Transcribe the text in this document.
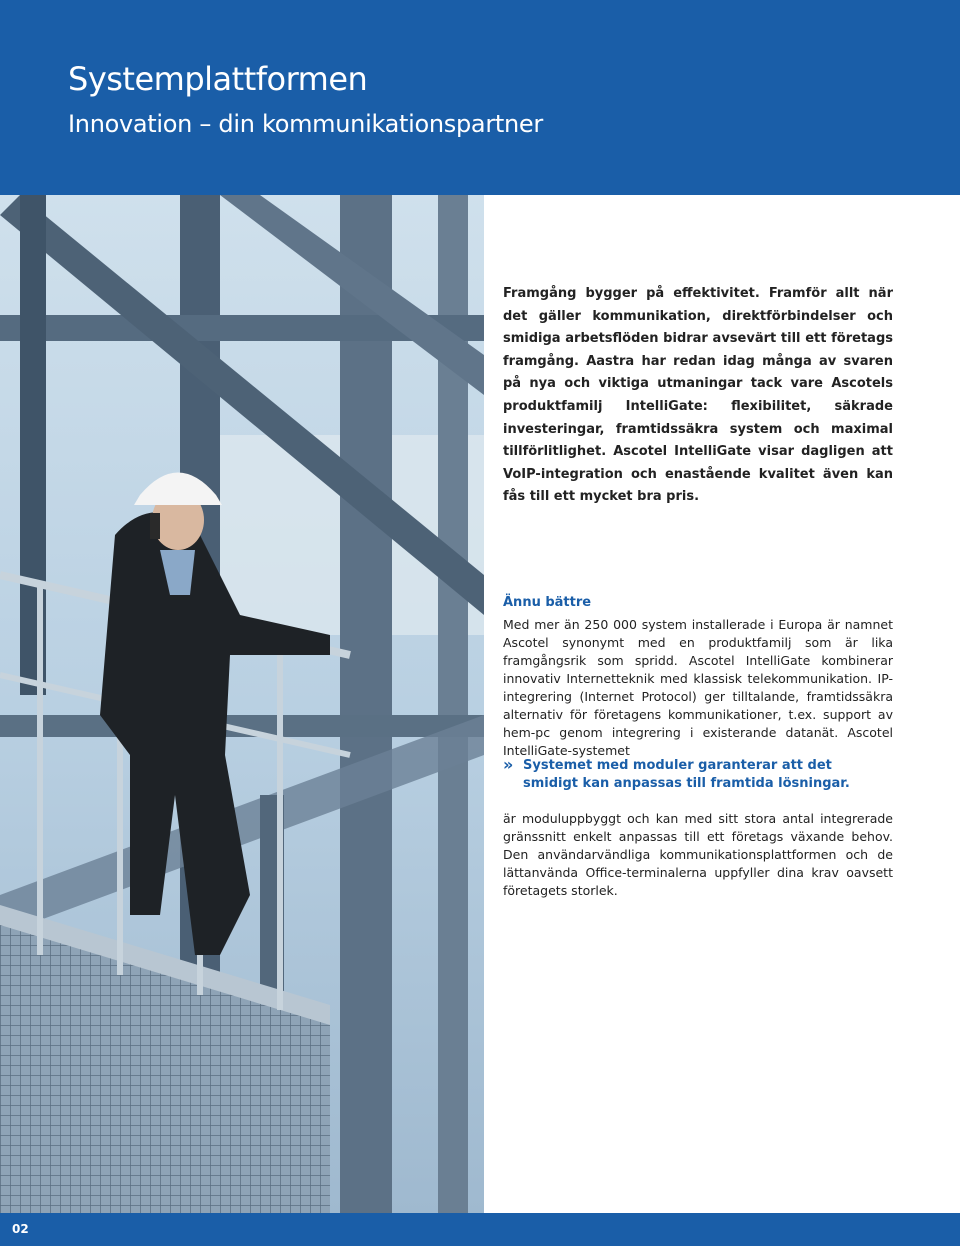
Systemplattformen
Innovation – din kommunikationspartner

Framgång bygger på effektivitet. Framför allt när det gäller kommunikation, direktförbindelser och smidiga arbetsflöden bidrar avsevärt till ett företags framgång. Aastra har redan idag många av svaren på nya och viktiga utmaningar tack vare Ascotels produktfamilj IntelliGate: flexibilitet, säkrade investeringar, framtidssäkra system och maximal tillförlitlighet. Ascotel IntelliGate visar dagligen att VoIP-integration och enastående kvalitet även kan fås till ett mycket bra pris.

Ännu bättre

Med mer än 250 000 system installerade i Europa är namnet Ascotel synonymt med en produktfamilj som är lika framgångsrik som spridd. Ascotel IntelliGate kombinerar innovativ Internetteknik med klassisk telekommunikation. IP-integrering (Internet Protocol) ger tilltalande, framtidssäkra alternativ för företagens kommunikationer, t.ex. support av hem-pc genom integrering i existerande datanät. Ascotel IntelliGate-systemet

» Systemet med moduler garanterar att det smidigt kan anpassas till framtida lösningar.

är moduluppbyggt och kan med sitt stora antal integrerade gränssnitt enkelt anpassas till ett företags växande behov. Den användarvändliga kommunikationsplattformen och de lättanvända Office-terminalerna uppfyller dina krav oavsett företagets storlek.

02
